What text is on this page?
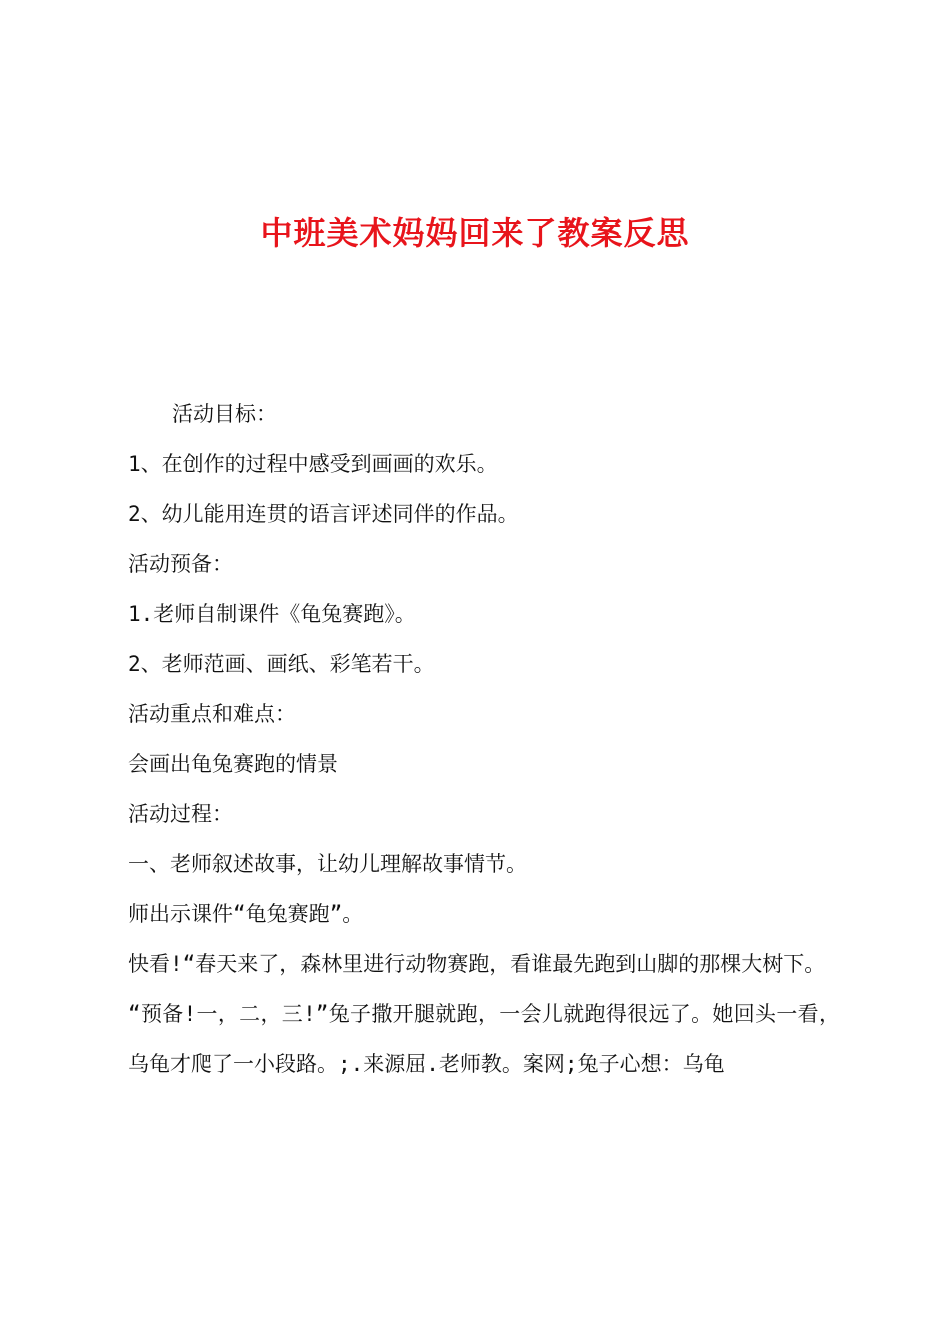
中班美术妈妈回来了教案反思

活动目标：

1、在创作的过程中感受到画画的欢乐。

2、幼儿能用连贯的语言评述同伴的作品。

活动预备：

1.老师自制课件《龟兔赛跑》。

2、老师范画、画纸、彩笔若干。

活动重点和难点：

会画出龟兔赛跑的情景

活动过程：

一、老师叙述故事，让幼儿理解故事情节。

师出示课件“龟兔赛跑”。

快看!“春天来了，森林里进行动物赛跑，看谁最先跑到山脚的那棵大树下。

“预备!一，二，三!”兔子撒开腿就跑，一会儿就跑得很远了。她回头一看，乌龟才爬了一小段路。;.来源屈.老师教。案网;兔子心想：乌龟
